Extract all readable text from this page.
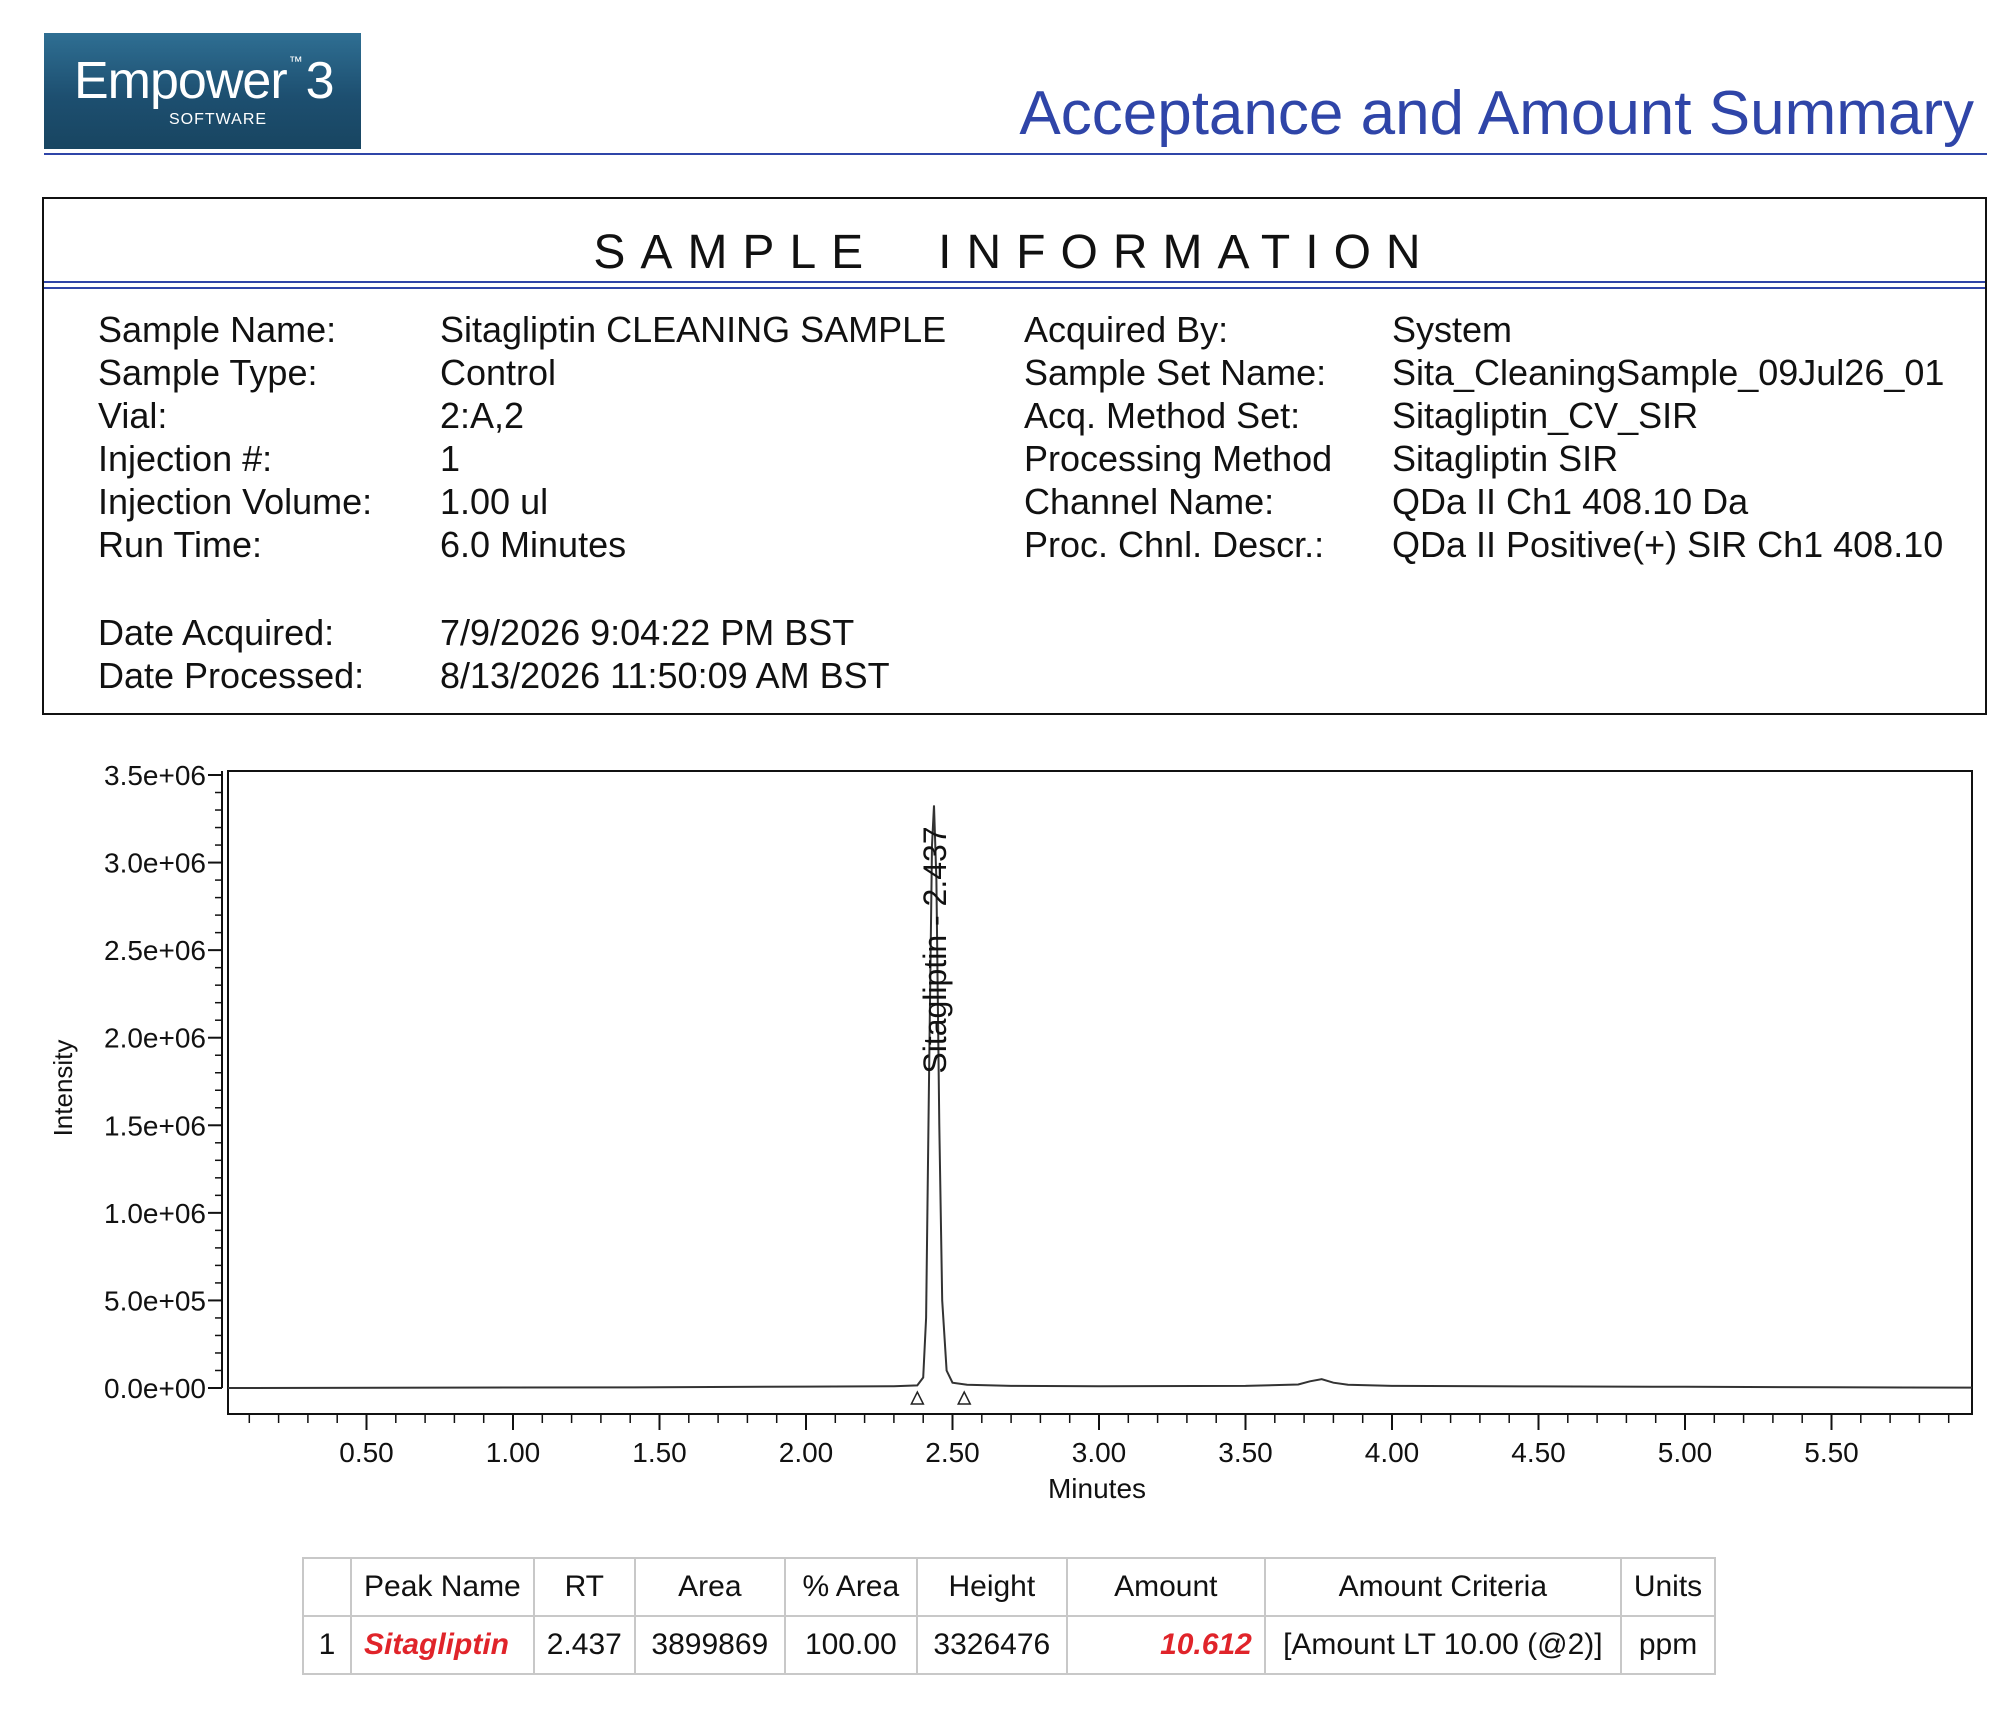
Empower ™3
SOFTWARE	Acceptance and Amount Summary
SAMPLE INFORMATION
Sample Name:	Sitagliptin CLEANING SAMPLE
Sample Type:	Control
Vial:	2:A,2
Injection #:	1
Injection Volume: 1.00 ul
Run Time:	6.0 Minutes
Date Acquired:	7/9/2026 9:04:22 PM BST
Date Processed: 8/13/2026 11:50:09 AM BST
Acquired By:	System
Sample Set Name: Sita_CleaningSample_09Jul26_01
Acq. Method Set:	Sitagliptin_CV_SIR
Processing Method Sitagliptin SIR
Channel Name:	QDa II Ch1 408.10 Da
Proc. Chnl. Descr.: QDa II Positive(+) SIR Ch1 408.10
0.0e+00
5.0e+05
1.0e+06
1.5e+06
2.0e+06
2.5e+06
3.0e+06
3.5e+06
0.50	1.00	1.50	2.00	2.50	3.00	3.50	4.00	4.50	5.00	5.50
Sitagliptin - 2.437
Minutes
Intensity
	Peak Name	RT	Area	% Area	Height	Amount	Amount Criteria	Units
1	Sitagliptin	2.437	3899869	100.00	3326476	10.612	[Amount LT 10.00 (@2)]	ppm
